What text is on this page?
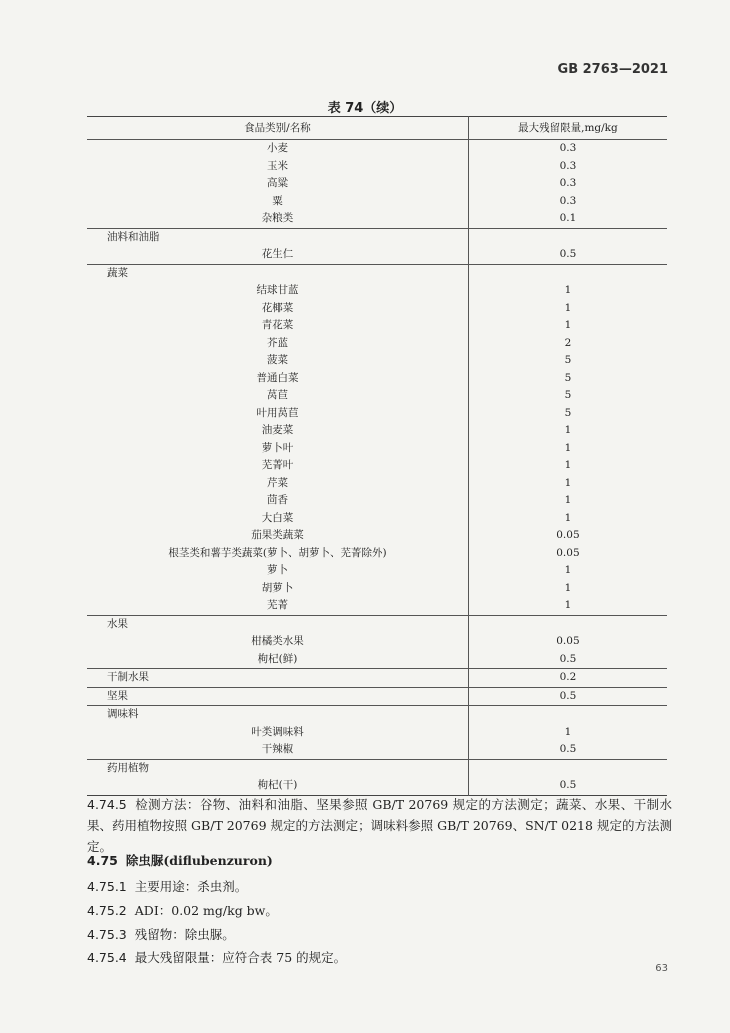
GB 2763—2021
表 74（续）
食品类别/名称	最大残留限量,mg/kg
小麦	0.3
玉米	0.3
高粱	0.3
粟	0.3
杂粮类	0.1
油料和油脂	
花生仁	0.5
蔬菜	
结球甘蓝	1
花椰菜	1
青花菜	1
芥蓝	2
菠菜	5
普通白菜	5
莴苣	5
叶用莴苣	5
油麦菜	1
萝卜叶	1
芜菁叶	1
芹菜	1
茴香	1
大白菜	1
茄果类蔬菜	0.05
根茎类和薯芋类蔬菜(萝卜、胡萝卜、芜菁除外)	0.05
萝卜	1
胡萝卜	1
芜菁	1
水果	
柑橘类水果	0.05
枸杞(鲜)	0.5
干制水果	0.2
坚果	0.5
调味料	
叶类调味料	1
干辣椒	0.5
药用植物	
枸杞(干)	0.5
4.74.5 检测方法：谷物、油料和油脂、坚果参照 GB/T 20769 规定的方法测定；蔬菜、水果、干制水果、药用植物按照 GB/T 20769 规定的方法测定；调味料参照 GB/T 20769、SN/T 0218 规定的方法测定。
4.75 除虫脲(diflubenzuron)
4.75.1 主要用途：杀虫剂。
4.75.2 ADI：0.02 mg/kg bw。
4.75.3 残留物：除虫脲。
4.75.4 最大残留限量：应符合表 75 的规定。
63
